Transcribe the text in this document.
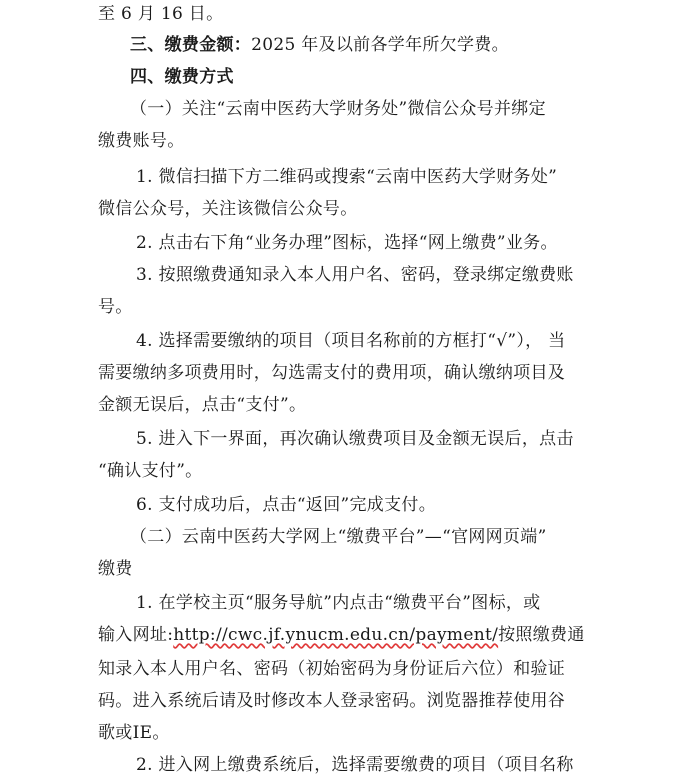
至 6 月 16 日。
三、缴费金额：2025 年及以前各学年所欠学费。
四、缴费方式
（一）关注“云南中医药大学财务处”微信公众号并绑定
缴费账号。
1. 微信扫描下方二维码或搜索“云南中医药大学财务处”
微信公众号，关注该微信公众号。
2. 点击右下角“业务办理”图标，选择“网上缴费”业务。
3. 按照缴费通知录入本人用户名、密码，登录绑定缴费账
号。
4. 选择需要缴纳的项目（项目名称前的方框打“√”）， 当
需要缴纳多项费用时，勾选需支付的费用项，确认缴纳项目及
金额无误后，点击“支付”。
5. 进入下一界面，再次确认缴费项目及金额无误后，点击
“确认支付”。
6. 支付成功后，点击“返回”完成支付。
（二）云南中医药大学网上“缴费平台”—“官网网页端”
缴费
1. 在学校主页“服务导航”内点击“缴费平台”图标，或
输入网址:http://cwc.jf.ynucm.edu.cn/payment/按照缴费通
知录入本人用户名、密码（初始密码为身份证后六位）和验证
码。进入系统后请及时修改本人登录密码。浏览器推荐使用谷
歌或IE。
2. 进入网上缴费系统后，选择需要缴费的项目（项目名称
